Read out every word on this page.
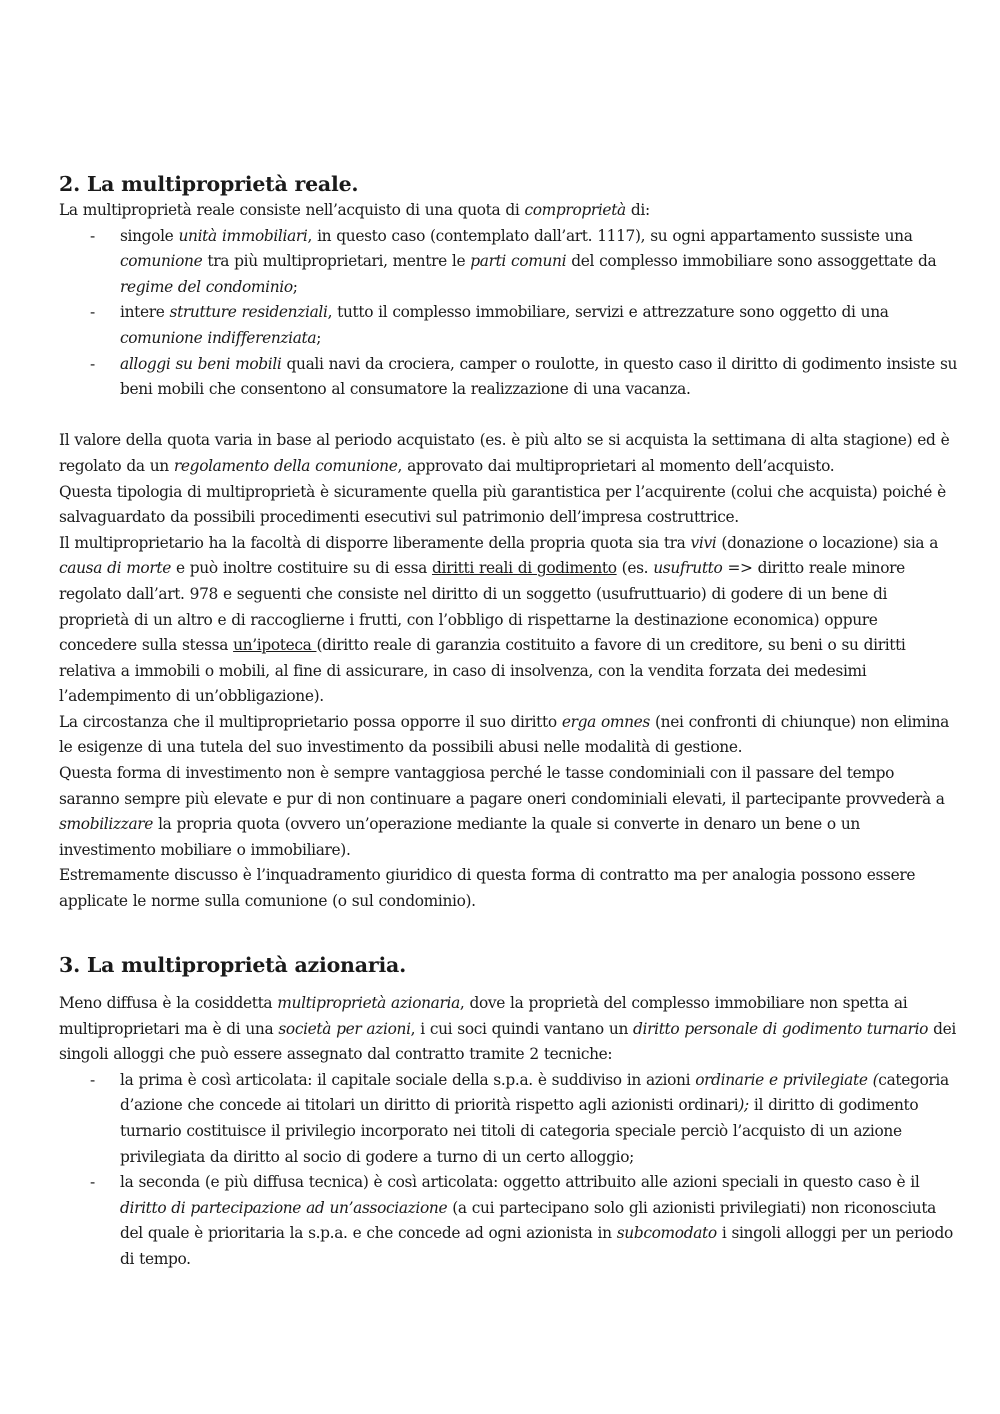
2. La multiproprietà reale.

La multiproprietà reale consiste nell’acquisto di una quota di comproprietà di:

- singole unità immobiliari, in questo caso (contemplato dall’art. 1117), su ogni appartamento sussiste una comunione tra più multiproprietari, mentre le parti comuni del complesso immobiliare sono assoggettate da regime del condominio;
- intere strutture residenziali, tutto il complesso immobiliare, servizi e attrezzature sono oggetto di una comunione indifferenziata;
- alloggi su beni mobili quali navi da crociera, camper o roulotte, in questo caso il diritto di godimento insiste su beni mobili che consentono al consumatore la realizzazione di una vacanza.

Il valore della quota varia in base al periodo acquistato (es. è più alto se si acquista la settimana di alta stagione) ed è regolato da un regolamento della comunione, approvato dai multiproprietari al momento dell’acquisto.

Questa tipologia di multiproprietà è sicuramente quella più garantistica per l’acquirente (colui che acquista) poiché è salvaguardato da possibili procedimenti esecutivi sul patrimonio dell’impresa costruttrice.

Il multiproprietario ha la facoltà di disporre liberamente della propria quota sia tra vivi (donazione o locazione) sia a causa di morte e può inoltre costituire su di essa diritti reali di godimento (es. usufrutto => diritto reale minore regolato dall’art. 978 e seguenti che consiste nel diritto di un soggetto (usufruttuario) di godere di un bene di proprietà di un altro e di raccoglierne i frutti, con l’obbligo di rispettarne la destinazione economica) oppure concedere sulla stessa un’ipoteca (diritto reale di garanzia costituito a favore di un creditore, su beni o su diritti relativa a immobili o mobili, al fine di assicurare, in caso di insolvenza, con la vendita forzata dei medesimi l’adempimento di un’obbligazione).

La circostanza che il multiproprietario possa opporre il suo diritto erga omnes (nei confronti di chiunque) non elimina le esigenze di una tutela del suo investimento da possibili abusi nelle modalità di gestione.

Questa forma di investimento non è sempre vantaggiosa perché le tasse condominiali con il passare del tempo saranno sempre più elevate e pur di non continuare a pagare oneri condominiali elevati, il partecipante provvederà a smobilizzare la propria quota (ovvero un’operazione mediante la quale si converte in denaro un bene o un investimento mobiliare o immobiliare).

Estremamente discusso è l’inquadramento giuridico di questa forma di contratto ma per analogia possono essere applicate le norme sulla comunione (o sul condominio).

3. La multiproprietà azionaria.

Meno diffusa è la cosiddetta multiproprietà azionaria, dove la proprietà del complesso immobiliare non spetta ai multiproprietari ma è di una società per azioni, i cui soci quindi vantano un diritto personale di godimento turnario dei singoli alloggi che può essere assegnato dal contratto tramite 2 tecniche:

- la prima è così articolata: il capitale sociale della s.p.a. è suddiviso in azioni ordinarie e privilegiate (categoria d’azione che concede ai titolari un diritto di priorità rispetto agli azionisti ordinari); il diritto di godimento turnario costituisce il privilegio incorporato nei titoli di categoria speciale perciò l’acquisto di un azione privilegiata da diritto al socio di godere a turno di un certo alloggio;
- la seconda (e più diffusa tecnica) è così articolata: oggetto attribuito alle azioni speciali in questo caso è il diritto di partecipazione ad un’associazione (a cui partecipano solo gli azionisti privilegiati) non riconosciuta del quale è prioritaria la s.p.a. e che concede ad ogni azionista in subcomodato i singoli alloggi per un periodo di tempo.
